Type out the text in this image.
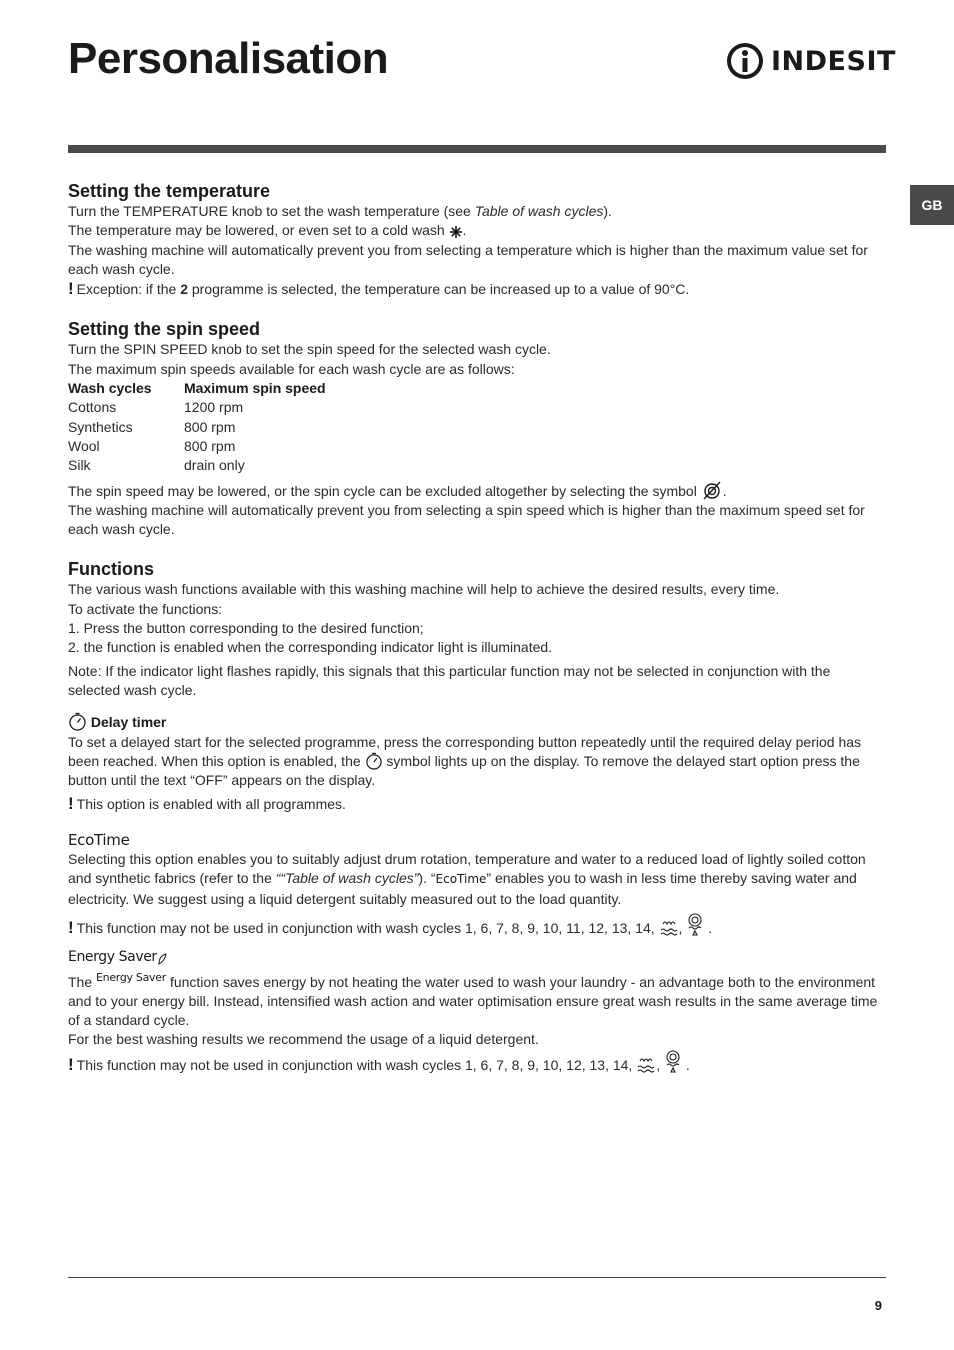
Personalisation	INDESIT
GB
Setting the temperature

Turn the TEMPERATURE knob to set the wash temperature (see Table of wash cycles).

The temperature may be lowered, or even set to a cold wash .

The washing machine will automatically prevent you from selecting a temperature which is higher than the maximum value set for each wash cycle.

! Exception: if the 2 programme is selected, the temperature can be increased up to a value of 90°C.

Setting the spin speed

Turn the SPIN SPEED knob to set the spin speed for the selected wash cycle.

The maximum spin speeds available for each wash cycle are as follows:

Wash cycles	Maximum spin speed
Cottons	1200 rpm
Synthetics	800 rpm
Wool	800 rpm
Silk	drain only

The spin speed may be lowered, or the spin cycle can be excluded altogether by selecting the symbol .

The washing machine will automatically prevent you from selecting a spin speed which is higher than the maximum speed set for each wash cycle.

Functions

The various wash functions available with this washing machine will help to achieve the desired results, every time.

To activate the functions:

1. Press the button corresponding to the desired function;

2. the function is enabled when the corresponding indicator light is illuminated.

Note: If the indicator light flashes rapidly, this signals that this particular function may not be selected in conjunction with the selected wash cycle.

Delay timer

To set a delayed start for the selected programme, press the corresponding button repeatedly until the required delay period has been reached. When this option is enabled, the  symbol lights up on the display. To remove the delayed start option press the button until the text “OFF” appears on the display.

! This option is enabled with all programmes.

EcoTime

Selecting this option enables you to suitably adjust drum rotation, temperature and water to a reduced load of lightly soiled cotton and synthetic fabrics (refer to the ““Table of wash cycles”). “EcoTime” enables you to wash in less time thereby saving water and electricity. We suggest using a liquid detergent suitably measured out to the load quantity.

! This function may not be used in conjunction with wash cycles 1, 6, 7, 8, 9, 10, 11, 12, 13, 14, ,  .

Energy Saver

The Energy Saver function saves energy by not heating the water used to wash your laundry - an advantage both to the environment and to your energy bill. Instead, intensified wash action and water optimisation ensure great wash results in the same average time of a standard cycle.

For the best washing results we recommend the usage of a liquid detergent.

! This function may not be used in conjunction with wash cycles 1, 6, 7, 8, 9, 10, 12, 13, 14, ,  .

9
